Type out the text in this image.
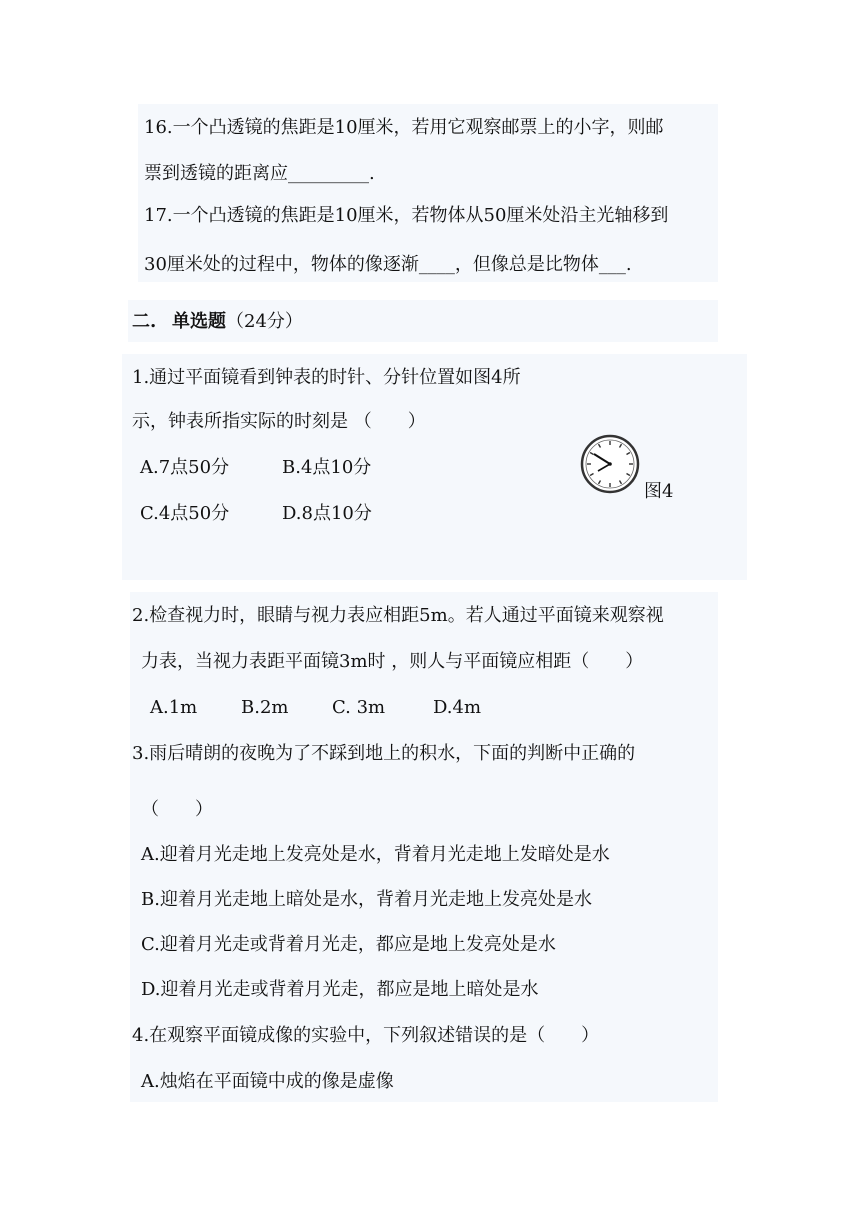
16.一个凸透镜的焦距是10厘米，若用它观察邮票上的小字，则邮
票到透镜的距离应_________.
17.一个凸透镜的焦距是10厘米，若物体从50厘米处沿主光轴移到
30厘米处的过程中，物体的像逐渐____，但像总是比物体___.
二. 单选题（24分）
1.通过平面镜看到钟表的时针、分针位置如图4所
示，钟表所指实际的时刻是 （　　）
A.7点50分	B.4点10分
C.4点50分	D.8点10分
图4
2.检查视力时，眼睛与视力表应相距5m。若人通过平面镜来观察视
力表，当视力表距平面镜3m时 ，则人与平面镜应相距（　　）
A.1m B.2m C. 3m	D.4m
3.雨后晴朗的夜晚为了不踩到地上的积水，下面的判断中正确的
（　　）
A.迎着月光走地上发亮处是水，背着月光走地上发暗处是水
B.迎着月光走地上暗处是水，背着月光走地上发亮处是水
C.迎着月光走或背着月光走，都应是地上发亮处是水
D.迎着月光走或背着月光走，都应是地上暗处是水
4.在观察平面镜成像的实验中，下列叙述错误的是（　　）
A.烛焰在平面镜中成的像是虚像
